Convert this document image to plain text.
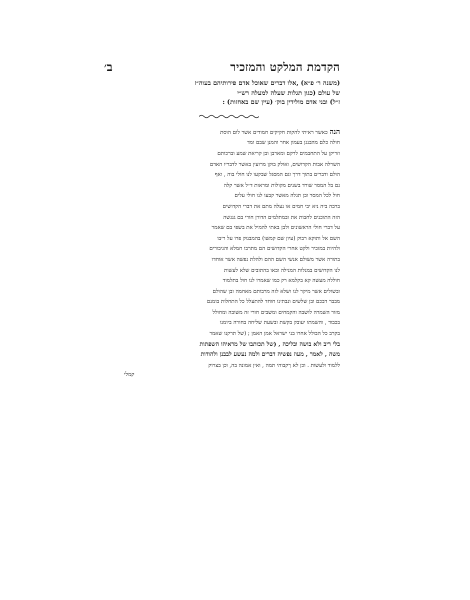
הקדמת המלקט והמזכיר
ב׳
(משנה ר׳ פ״א) ,אלו דברים שאוכל אדם פירותיהם בעוה״ז
של עולם (כגון תגלות שעלה למעלה רש״י
ז״ל) ובני אדם מולידין בוק׳ (עיין שם באחזות) :
הנהכאשר ראיתי להקות חקיקים חמודים אשר לום הוסת
חולה כלם מהבנגן בעמון אחר והמנן שבם ומד
וזריקן על התחבמים לרקם ומארבן ובן קריאת שמע וברכותם
השרלה אבות הקדושים, ואולק בוקן מרועין באשר לדבריו האדם
הולם ודברים בתוך דרך וגם המסגל שבקעו לנו חולי בוה , ואף
גם בל המסר שורד בשנים מקולות ומראות ד״ל אשר קלה
חול לכל המסר ובן תגלה מאשר קבעו לנו חולי עלים
ברבה ביה ניא יבי חמים או נעלה מתם את דברי הקדושים
הזה התוכנים לחבות את ובמתלמים הדורן חורי בם גנגשה
על דברי חולי הראשונים ולבן באתי להמיל את בשפי בם שאמר
השם אל ותוקא רבוק (עיון שם קמשו) בהמבנוק פרו על ריבו
ולהיות במזכיר ולקט אחרי הקדושים הם מתרבו חמלא והגיבורים
בתורה אשר משולם אנשי השם ההם ולהלת נפשה אשר אוחדו
לנו הקדושים במנלות המנילה ובאו בהתובים שלא לעשות
חוללה מעשה קא בקלמא רק כמו שאמרו לנו חול בתלמוד
ובשולים אשר מיקר לנו ושלא לזה מרבותם מאחמה ובן שהולם
מבבר דבכם ובן שלשים ונבתינו חוחד להתעלל כל התחלות בומנם
מזור השמרה לושבה והקמחים ומשבים חורי זה משובה ומחולל
בכבוד , והשמתו יעובק בקשת ובשעת שליחה בחורה ביומנו
בקרב כל הבולל אחרו בני ישראל אמן האמן ; (של תרקנו שאמר
בלי ריב ולא בושה ובליכה , (של תכותבו של מראיהו השפתות
משה , לאמר , מעוז נפשיה דברים ולמה נעשע לבבנן ולהודות
ללמוד ולעשות . וכן לא ךקבוהי תמה , ואין אמונה בה, וכן בצרוק
קמלי
